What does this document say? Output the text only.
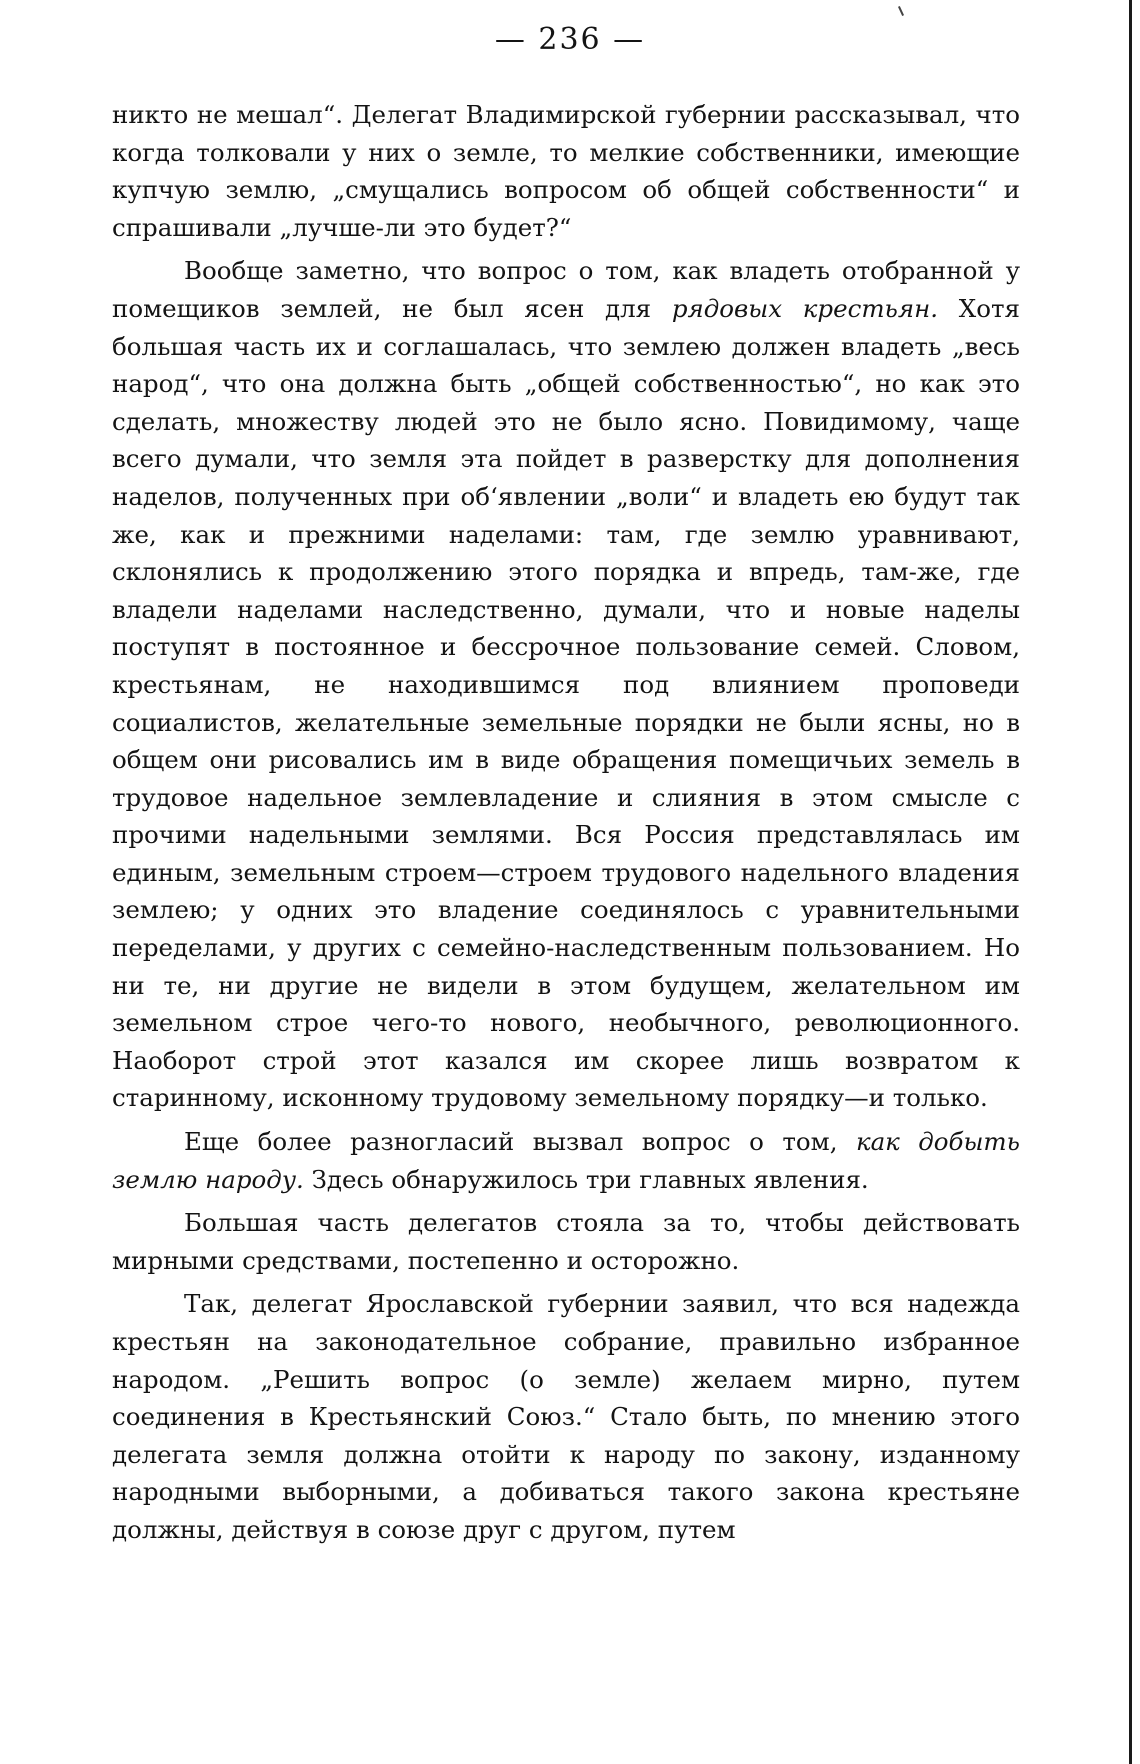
— 236 —

никто не мешал“. Делегат Владимирской губернии рассказывал, что когда толковали у них о земле, то мелкие собственники, имеющие купчую землю, „смущались вопросом об общей собственности“ и спрашивали „лучше-ли это будет?“

Вообще заметно, что вопрос о том, как владеть отобранной у помещиков землей, не был ясен для рядовых крестьян. Хотя большая часть их и соглашалась, что землею должен владеть „весь народ“, что она должна быть „общей собственностью“, но как это сделать, множеству людей это не было ясно. Повидимому, чаще всего думали, что земля эта пойдет в разверстку для дополнения наделов, полученных при об‘явлении „воли“ и владеть ею будут так же, как и прежними наделами: там, где землю уравнивают, склонялись к продолжению этого порядка и впредь, там-же, где владели наделами наследственно, думали, что и новые наделы поступят в постоянное и бессрочное пользование семей. Словом, крестьянам, не находившимся под влиянием проповеди социалистов, желательные земельные порядки не были ясны, но в общем они рисовались им в виде обращения помещичьих земель в трудовое надельное землевладение и слияния в этом смысле с прочими надельными землями. Вся Россия представлялась им единым, земельным строем—строем трудового надельного владения землею; у одних это владение соединялось с уравнительными переделами, у других с семейно-наследственным пользованием. Но ни те, ни другие не видели в этом будущем, желательном им земельном строе чего-то нового, необычного, революционного. Наоборот строй этот казался им скорее лишь возвратом к старинному, исконному трудовому земельному порядку—и только.

Еще более разногласий вызвал вопрос о том, как добыть землю народу. Здесь обнаружилось три главных явления.

Большая часть делегатов стояла за то, чтобы действовать мирными средствами, постепенно и осторожно.

Так, делегат Ярославской губернии заявил, что вся надежда крестьян на законодательное собрание, правильно избранное народом. „Решить вопрос (о земле) желаем мирно, путем соединения в Крестьянский Союз.“ Стало быть, по мнению этого делегата земля должна отойти к народу по закону, изданному народными выборными, а добиваться такого закона крестьяне должны, действуя в союзе друг с другом, путем
